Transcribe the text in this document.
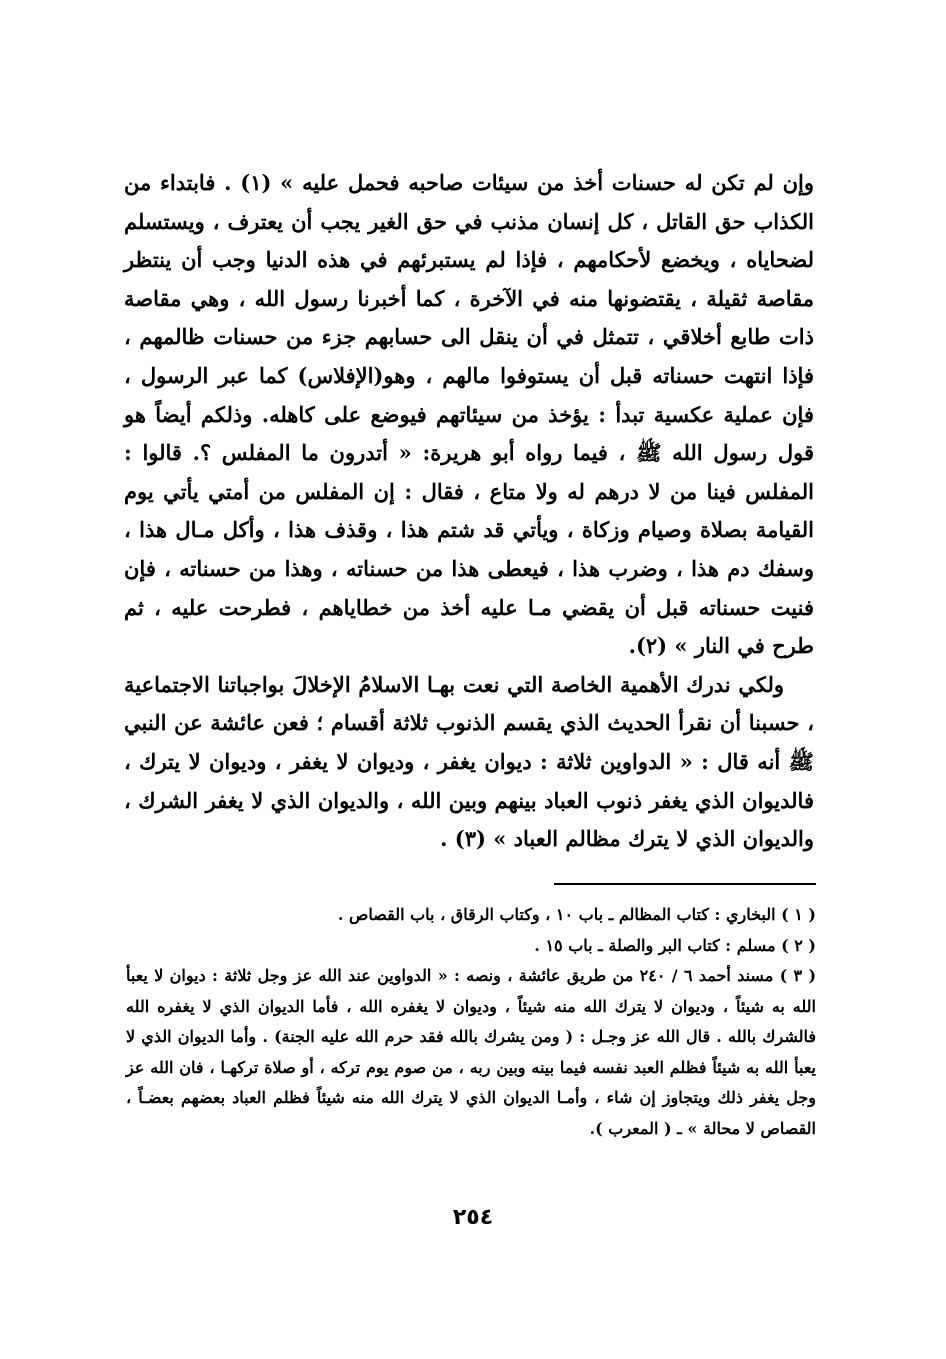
وإن لم تكن له حسنات أخذ من سيئات صاحبه فحمل عليه » (١) . فابتداء من الكذاب حق القاتل ، كل إنسان مذنب في حق الغير يجب أن يعترف ، ويستسلم لضحاياه ، ويخضع لأحكامهم ، فإذا لم يستبرئهم في هذه الدنيا وجب أن ينتظر مقاصة ثقيلة ، يقتضونها منه في الآخرة ، كما أخبرنا رسول الله ، وهي مقاصة ذات طابع أخلاقي ، تتمثل في أن ينقل الى حسابهم جزء من حسنات ظالمهم ، فإذا انتهت حسناته قبل أن يستوفوا مالهم ، وهو(الإفلاس) كما عبر الرسول ، فإن عملية عكسية تبدأ : يؤخذ من سيئاتهم فيوضع على كاهله. وذلكم أيضاً هو قول رسول الله ﷺ ، فيما رواه أبو هريرة: « أتدرون ما المفلس ؟. قالوا : المفلس فينا من لا درهم له ولا متاع ، فقال : إن المفلس من أمتي يأتي يوم القيامة بصلاة وصيام وزكاة ، ويأتي قد شتم هذا ، وقذف هذا ، وأكل مـال هذا ، وسفك دم هذا ، وضرب هذا ، فيعطى هذا من حسناته ، وهذا من حسناته ، فإن فنيت حسناته قبل أن يقضي مـا عليه أخذ من خطاياهم ، فطرحت عليه ، ثم طرح في النار » (٢).

ولكي ندرك الأهمية الخاصة التي نعت بهـا الاسلامُ الإخلالَ بواجباتنا الاجتماعية ، حسبنا أن نقرأ الحديث الذي يقسم الذنوب ثلاثة أقسام ؛ فعن عائشة عن النبي ﷺ أنه قال : « الدواوين ثلاثة : ديوان يغفر ، وديوان لا يغفر ، وديوان لا يترك ، فالديوان الذي يغفر ذنوب العباد بينهم وبين الله ، والديوان الذي لا يغفر الشرك ، والديوان الذي لا يترك مظالم العباد » (٣) .

( ١ ) البخاري : كتاب المظالم ـ باب ١٠ ، وكتاب الرقاق ، باب القصاص .

( ٢ ) مسلم : كتاب البر والصلة ـ باب ١٥ .

( ٣ ) مسند أحمد ٦ / ٢٤٠ من طريق عائشة ، ونصه : « الدواوين عند الله عز وجل ثلاثة : ديوان لا يعبأ الله به شيئاً ، وديوان لا يترك الله منه شيئاً ، وديوان لا يغفره الله ، فأما الديوان الذي لا يغفره الله فالشرك بالله . قال الله عز وجـل : ( ومن يشرك بالله فقد حرم الله عليه الجنة) . وأما الديوان الذي لا يعبأ الله به شيئاً فظلم العبد نفسه فيما بينه وبين ربه ، من صوم يوم تركه ، أو صلاة تركهـا ، فان الله عز وجل يغفر ذلك ويتجاوز إن شاء ، وأمـا الديوان الذي لا يترك الله منه شيئاً فظلم العباد بعضهم بعضـاً ، القصاص لا محالة » ـ ( المعرب ).

٢٥٤
